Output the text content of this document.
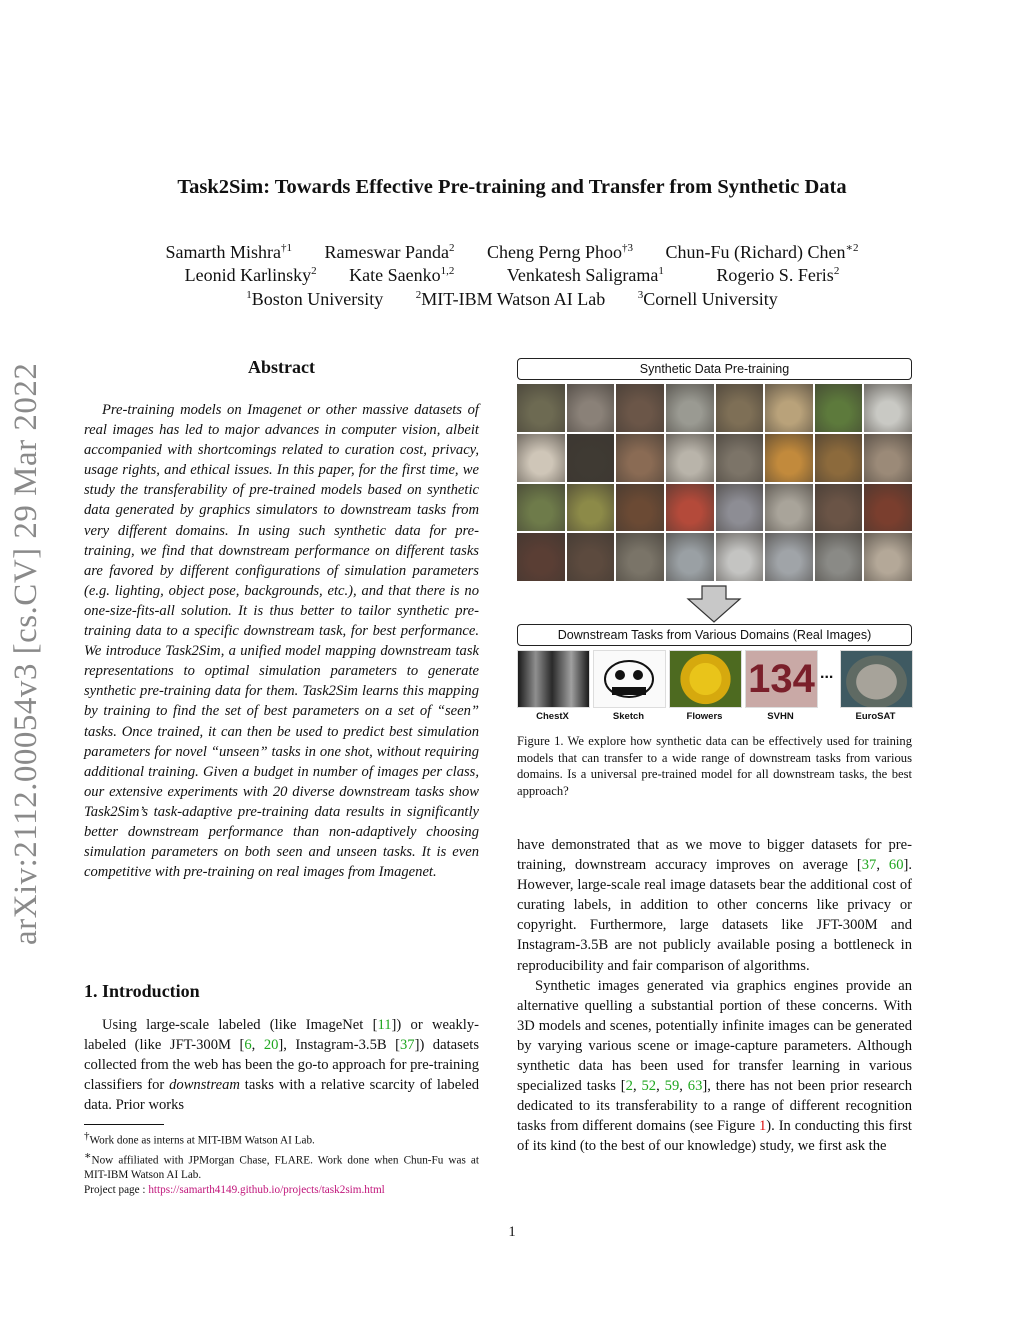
arXiv:2112.00054v3 [cs.CV] 29 Mar 2022
Task2Sim: Towards Effective Pre-training and Transfer from Synthetic Data
Samarth Mishra$^{\dagger 1}$ Rameswar Panda$^2$ Cheng Perng Phoo$^{\dagger 3}$ Chun-Fu (Richard) Chen$^{∗2}$
Leonid Karlinsky$^2$ Kate Saenko$^{1,2}$	Venkatesh Saligrama$^1$	Rogerio S. Feris$^2$
$^1$Boston University	$^2$MIT-IBM Watson AI Lab	$^3$Cornell University
Abstract
Pre-training models on Imagenet or other massive datasets of real images has led to major advances in computer vision, albeit accompanied with shortcomings related to curation cost, privacy, usage rights, and ethical issues. In this paper, for the first time, we study the transferability of pre-trained models based on synthetic data generated by graphics simulators to downstream tasks from very different domains. In using such synthetic data for pre-training, we find that downstream performance on different tasks are favored by different configurations of simulation parameters (e.g. lighting, object pose, backgrounds, etc.), and that there is no one-size-fits-all solution. It is thus better to tailor synthetic pre-training data to a specific downstream task, for best performance. We introduce Task2Sim, a unified model mapping downstream task representations to optimal simulation parameters to generate synthetic pre-training data for them. Task2Sim learns this mapping by training to find the set of best parameters on a set of “seen” tasks. Once trained, it can then be used to predict best simulation parameters for novel “unseen” tasks in one shot, without requiring additional training. Given a budget in number of images per class, our extensive experiments with 20 diverse downstream tasks show Task2Sim’s task-adaptive pre-training data results in significantly better downstream performance than non-adaptively choosing simulation parameters on both seen and unseen tasks. It is even competitive with pre-training on real images from Imagenet.
1. Introduction

Using large-scale labeled (like ImageNet [11]) or weakly-labeled (like JFT-300M [6, 20], Instagram-3.5B [37]) datasets collected from the web has been the go-to approach for pre-training classifiers for downstream tasks with a relative scarcity of labeled data. Prior works

†Work done as interns at MIT-IBM Watson AI Lab.
∗Now affiliated with JPMorgan Chase, FLARE. Work done when Chun-Fu was at MIT-IBM Watson AI Lab.
Project page : https://samarth4149.github.io/projects/task2sim.html
Synthetic Data Pre-training
Downstream Tasks from Various Domains (Real Images)
134 ...
ChestX	Sketch	Flowers	SVHN	EuroSAT
Figure 1. We explore how synthetic data can be effectively used for training models that can transfer to a wide range of downstream tasks from various domains. Is a universal pre-trained model for all downstream tasks, the best approach?

have demonstrated that as we move to bigger datasets for pre-training, downstream accuracy improves on average [37, 60]. However, large-scale real image datasets bear the additional cost of curating labels, in addition to other concerns like privacy or copyright. Furthermore, large datasets like JFT-300M and Instagram-3.5B are not publicly available posing a bottleneck in reproducibility and fair comparison of algorithms.

Synthetic images generated via graphics engines provide an alternative quelling a substantial portion of these concerns. With 3D models and scenes, potentially infinite images can be generated by varying various scene or image-capture parameters. Although synthetic data has been used for transfer learning in various specialized tasks [2, 52, 59, 63], there has not been prior research dedicated to its transferability to a range of different recognition tasks from different domains (see Figure 1). In conducting this first of its kind (to the best of our knowledge) study, we first ask the

1
